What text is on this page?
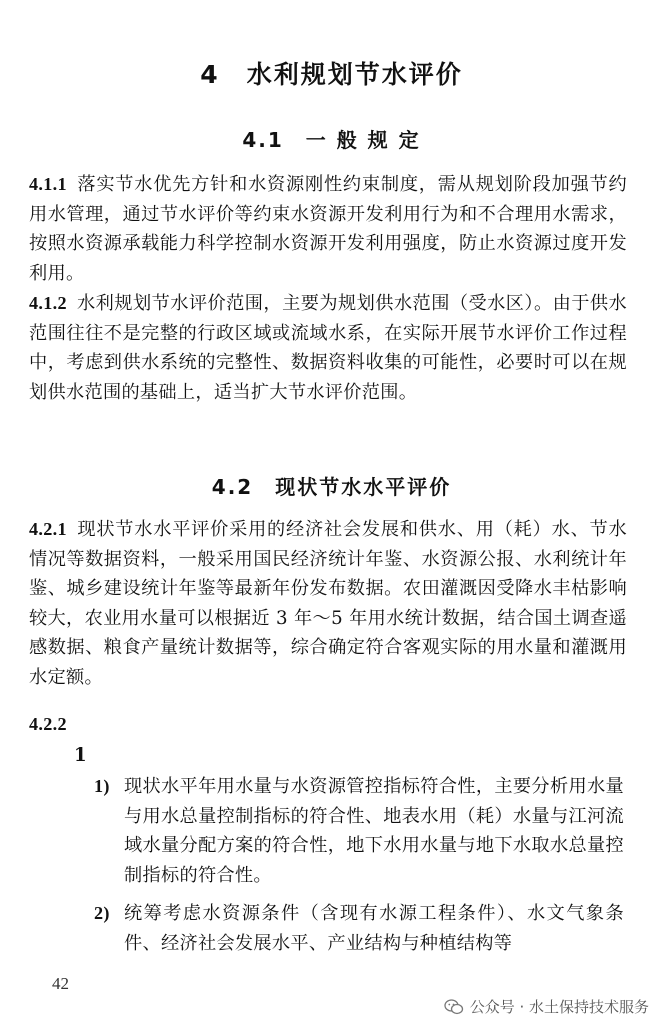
4　水利规划节水评价
4.1　一 般 规 定
4.1.1 落实节水优先方针和水资源刚性约束制度，需从规划阶段加强节约用水管理，通过节水评价等约束水资源开发利用行为和不合理用水需求，按照水资源承载能力科学控制水资源开发利用强度，防止水资源过度开发利用。
4.1.2 水利规划节水评价范围，主要为规划供水范围（受水区）。由于供水范围往往不是完整的行政区域或流域水系，在实际开展节水评价工作过程中，考虑到供水系统的完整性、数据资料收集的可能性，必要时可以在规划供水范围的基础上，适当扩大节水评价范围。
4.2　现状节水水平评价
4.2.1 现状节水水平评价采用的经济社会发展和供水、用（耗）水、节水情况等数据资料，一般采用国民经济统计年鉴、水资源公报、水利统计年鉴、城乡建设统计年鉴等最新年份发布数据。农田灌溉因受降水丰枯影响较大，农业用水量可以根据近 3 年～5 年用水统计数据，结合国土调查遥感数据、粮食产量统计数据等，综合确定符合客观实际的用水量和灌溉用水定额。
4.2.2
1
1) 现状水平年用水量与水资源管控指标符合性，主要分析用水量与用水总量控制指标的符合性、地表水用（耗）水量与江河流域水量分配方案的符合性，地下水用水量与地下水取水总量控制指标的符合性。
2) 统筹考虑水资源条件（含现有水源工程条件）、水文气象条件、经济社会发展水平、产业结构与种植结构等
42
公众号 · 水土保持技术服务
